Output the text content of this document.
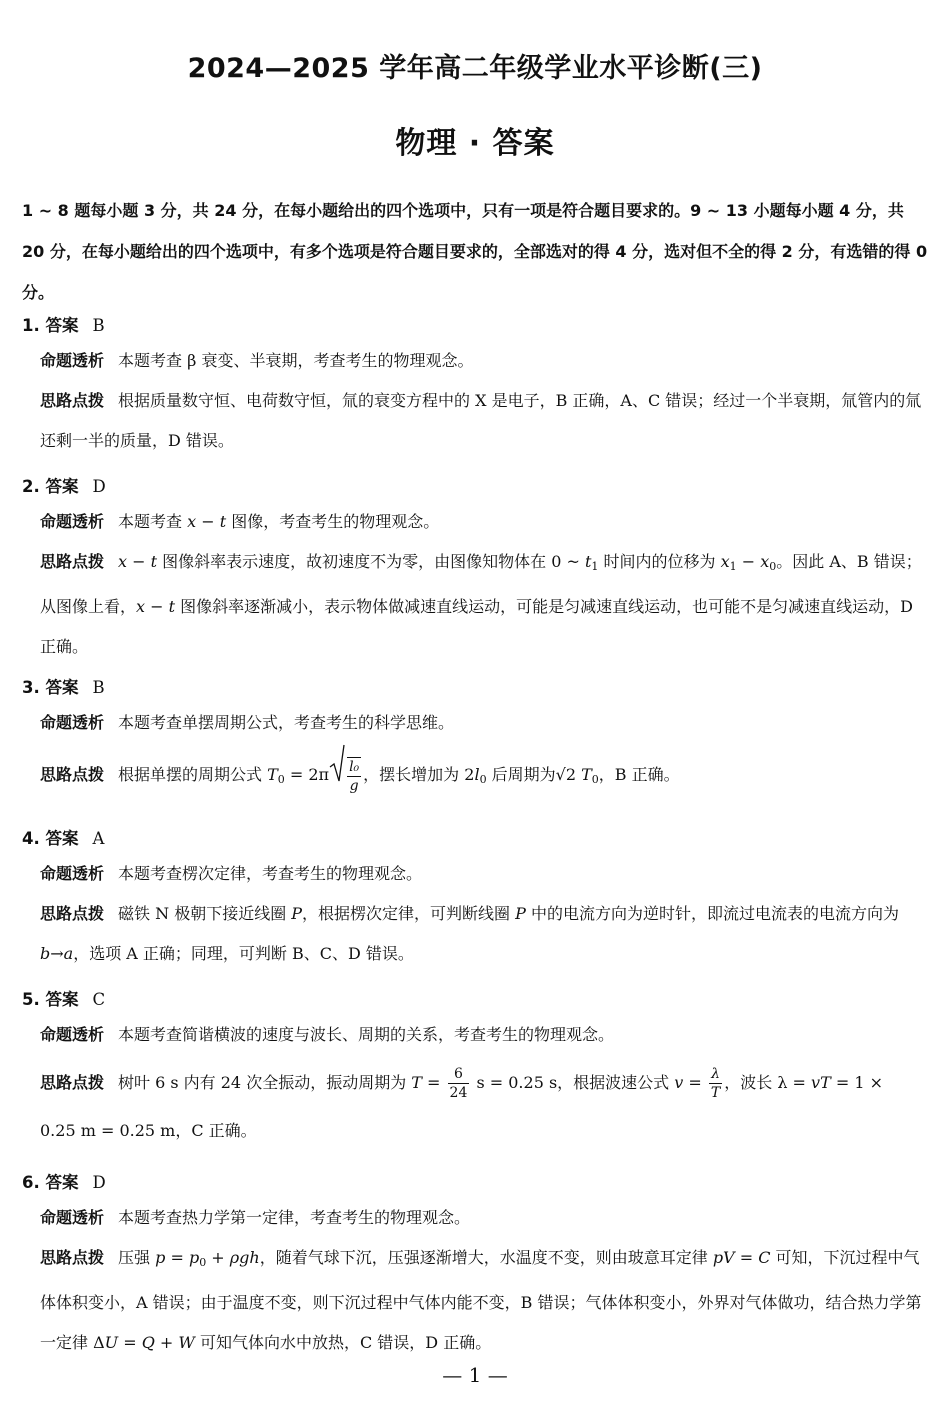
2024—2025 学年高二年级学业水平诊断(三)
物理 · 答案
1 ~ 8 题每小题 3 分，共 24 分，在每小题给出的四个选项中，只有一项是符合题目要求的。9 ~ 13 小题每小题 4 分，共 20 分，在每小题给出的四个选项中，有多个选项是符合题目要求的，全部选对的得 4 分，选对但不全的得 2 分，有选错的得 0 分。
1. 答案 B
命题透析 本题考查 β 衰变、半衰期，考查考生的物理观念。
思路点拨 根据质量数守恒、电荷数守恒，氚的衰变方程中的 X 是电子，B 正确，A、C 错误；经过一个半衰期，氚管内的氚还剩一半的质量，D 错误。
2. 答案 D
命题透析 本题考查 x − t 图像，考查考生的物理观念。
思路点拨 x − t 图像斜率表示速度，故初速度不为零，由图像知物体在 0 ~ $t_1$ 时间内的位移为 $x_1 - x_0$。因此 A、B 错误；从图像上看，x − t 图像斜率逐渐减小，表示物体做减速直线运动，可能是匀减速直线运动，也可能不是匀减速直线运动，D 正确。
3. 答案 B
命题透析 本题考查单摆周期公式，考查考生的科学思维。
思路点拨 根据单摆的周期公式 $T_0 = 2\pi \frac{\text{l₀}}{g}$ ，摆长增加为 $2l_0$ 后周期为√2 $T_0$，B 正确。
4. 答案 A
命题透析 本题考查楞次定律，考查考生的物理观念。
思路点拨 磁铁 N 极朝下接近线圈 P，根据楞次定律，可判断线圈 P 中的电流方向为逆时针，即流过电流表的电流方向为 b→a，选项 A 正确；同理，可判断 B、C、D 错误。
5. 答案 C
命题透析 本题考查简谐横波的速度与波长、周期的关系，考查考生的物理观念。
思路点拨 树叶 6 s 内有 24 次全振动，振动周期为 $T = \frac{6}{24}$ s = 0.25 s，根据波速公式 $v = \frac{\lambda}{T}$ ，波长 λ = vT = 1 ×
0.25 m = 0.25 m，C 正确。
6. 答案 D
命题透析 本题考查热力学第一定律，考查考生的物理观念。
思路点拨 压强 $p = p_0 + \rho gh$，随着气球下沉，压强逐渐增大，水温度不变，则由玻意耳定律 pV = C 可知，下沉过程中气体体积变小，A 错误；由于温度不变，则下沉过程中气体内能不变，B 错误；气体体积变小，外界对气体做功，结合热力学第一定律 ΔU = Q + W 可知气体向水中放热，C 错误，D 正确。
— 1 —
